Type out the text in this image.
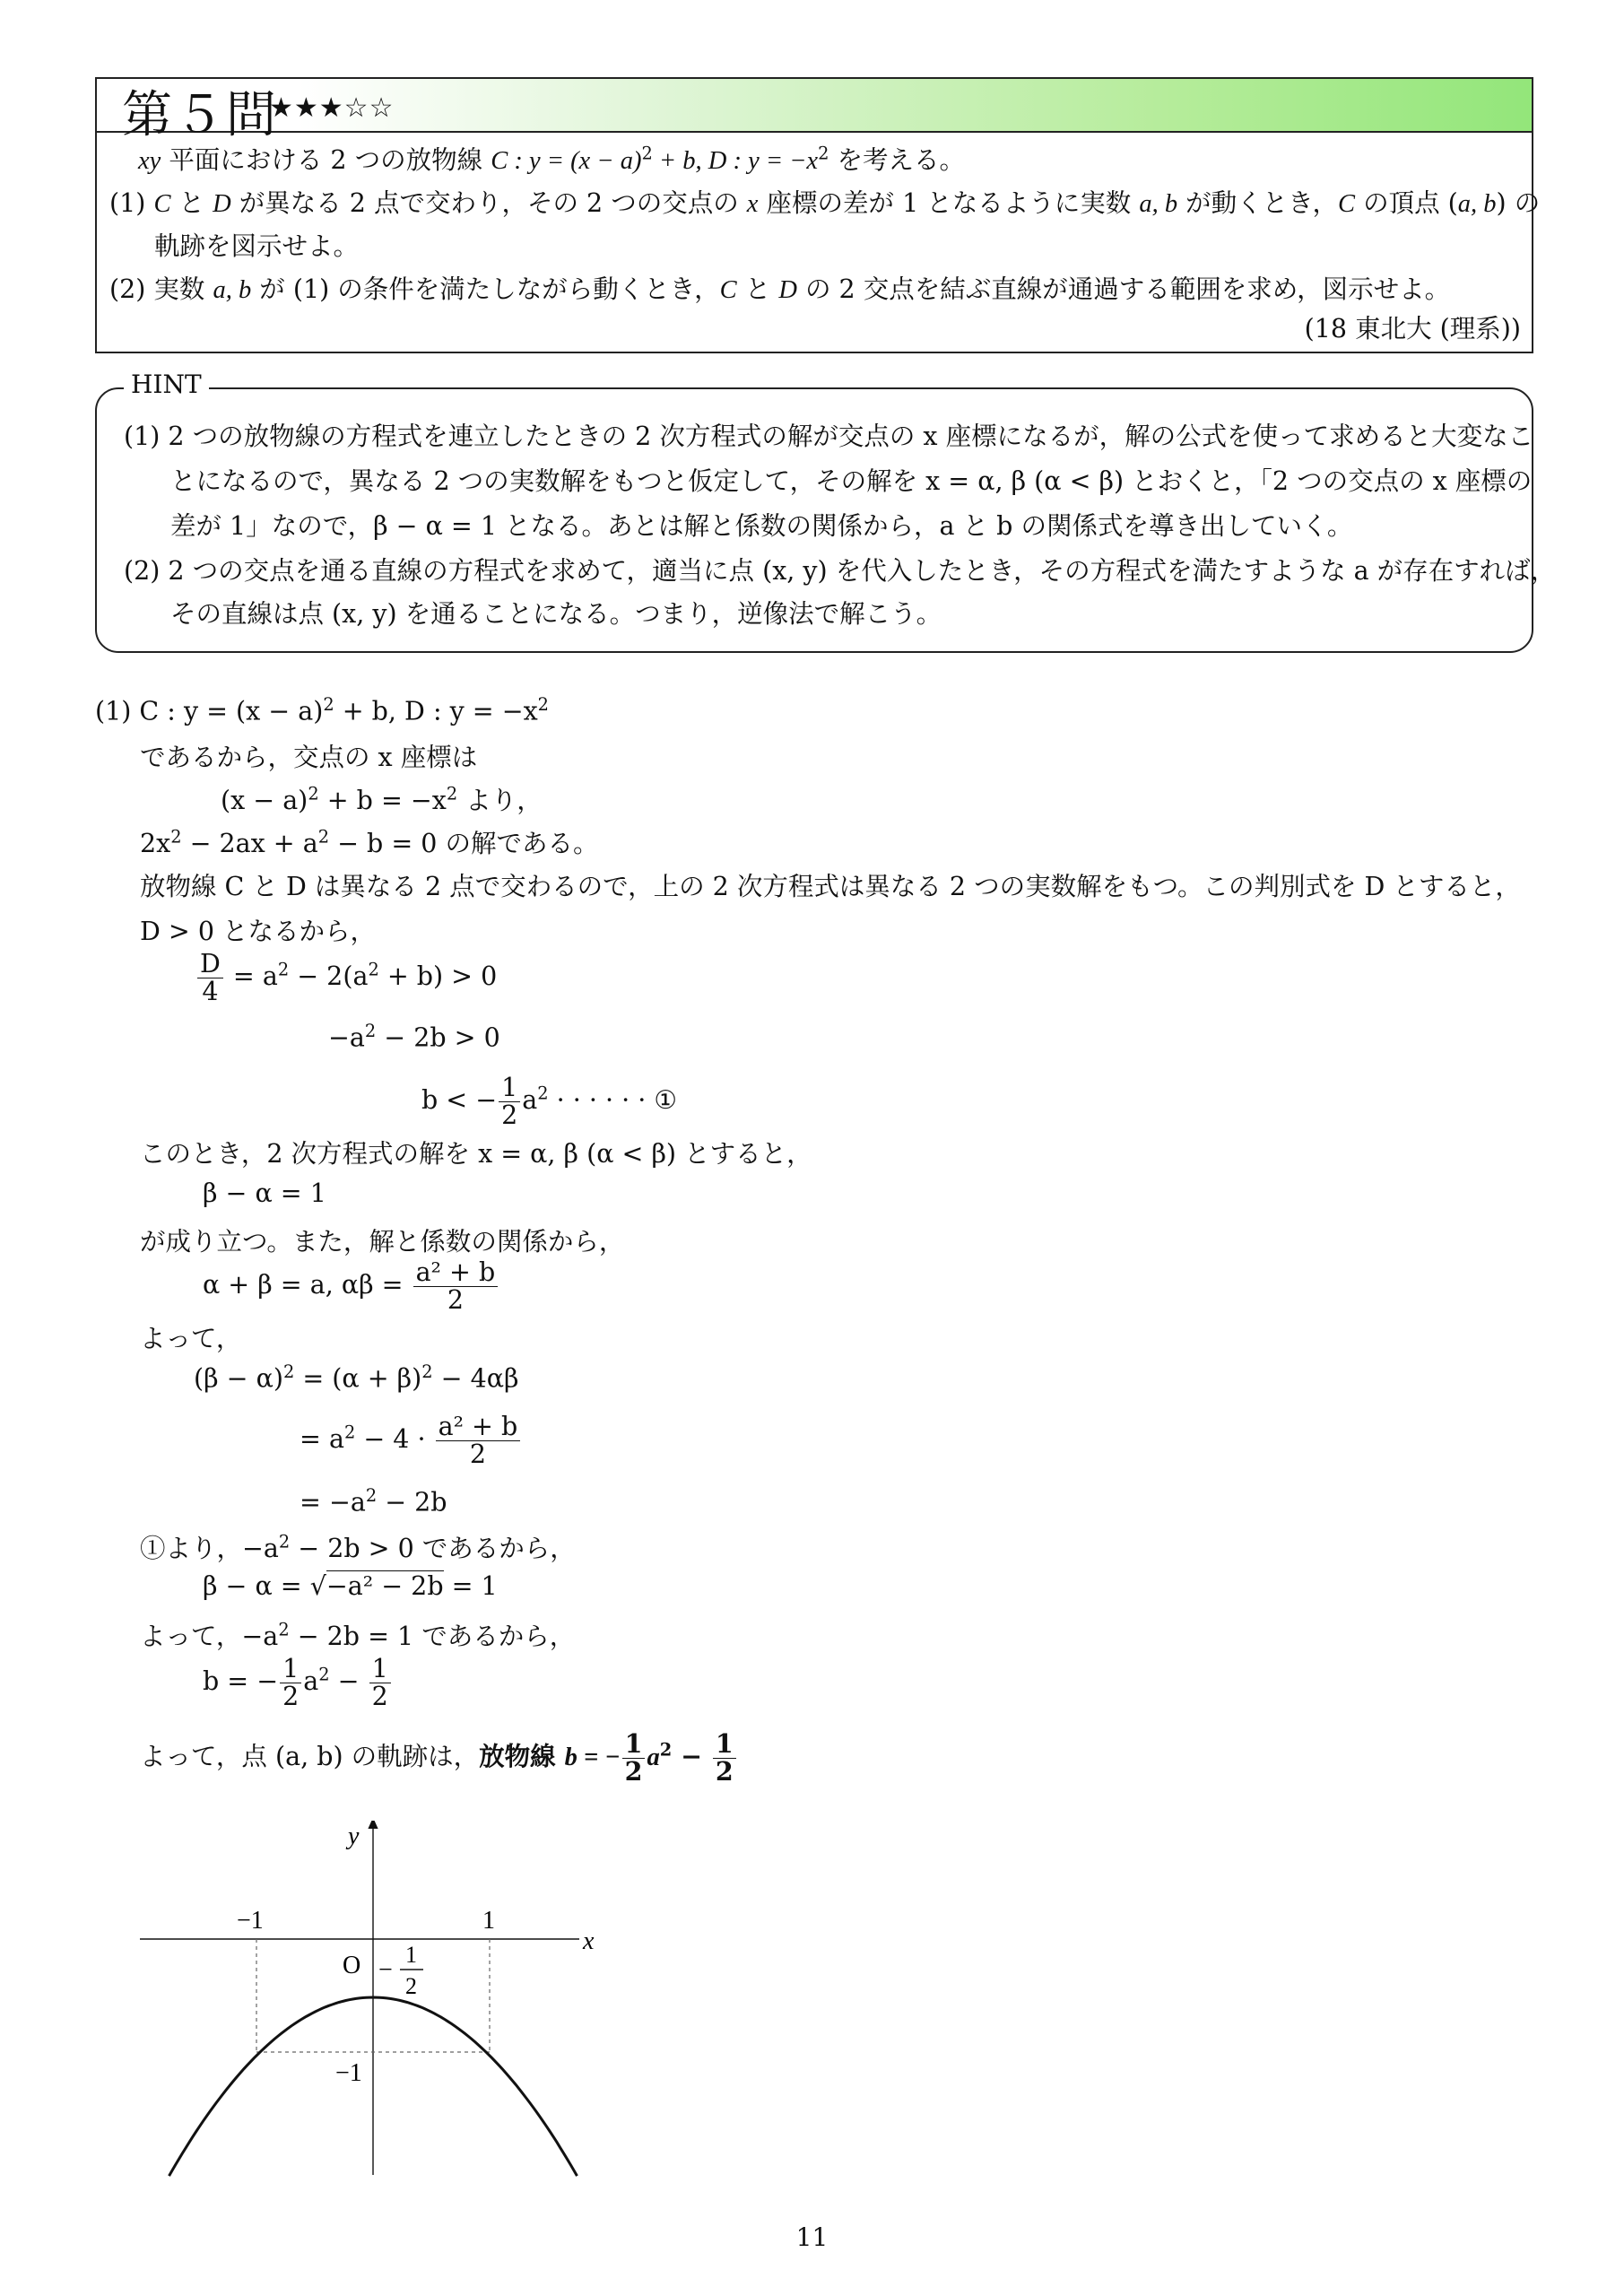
第５問
★★★☆☆
xy 平面における 2 つの放物線 C : $y = (x - a)^2 + b$, D : $y = -x^2$ を考える。
(1) C と D が異なる 2 点で交わり，その 2 つの交点の x 座標の差が 1 となるように実数 a, b が動くとき，C の頂点 (a, b) の
軌跡を図示せよ。
(2) 実数 a, b が (1) の条件を満たしながら動くとき，C と D の 2 交点を結ぶ直線が通過する範囲を求め，図示せよ。
(18 東北大 (理系))
HINT
(1) 2 つの放物線の方程式を連立したときの 2 次方程式の解が交点の x 座標になるが，解の公式を使って求めると大変なこ
とになるので，異なる 2 つの実数解をもつと仮定して，その解を x = α, β (α < β) とおくと，「2 つの交点の x 座標の
差が 1」なので，β − α = 1 となる。あとは解と係数の関係から，a と b の関係式を導き出していく。
(2) 2 つの交点を通る直線の方程式を求めて，適当に点 (x, y) を代入したとき，その方程式を満たすような a が存在すれば，
その直線は点 (x, y) を通ることになる。つまり，逆像法で解こう。
(1) C : $y = (x - a)^2 + b$, D : $y = -x^2$
であるから，交点の x 座標は
$(x - a)^2 + b = -x^2$ より，
$2x^2 - 2ax + a^2 - b = 0$ の解である。
放物線 C と D は異なる 2 点で交わるので，上の 2 次方程式は異なる 2 つの実数解をもつ。この判別式を D とすると，
D > 0 となるから，
$\frac{D}{4} = a^2 - 2(a^2 + b) > 0$
$-a^2 - 2b > 0$
b < − $\frac{1}{2} a^2$ · · · · · · ①
このとき，2 次方程式の解を x = α, β (α < β) とすると，
β − α = 1
が成り立つ。また，解と係数の関係から，
α + β = a, $\alpha\beta = \frac{\text{a² + b}}{2}$
よって，
$(\beta - \alpha)^2 = (\alpha + \beta)^2 - 4\alpha\beta$
= $a^2 - 4 \cdot \frac{\text{a² + b}}{2}$
= $-a^2 - 2b$
①より，$-a^2 - 2b > 0$ であるから，
β − α = √−a² − 2b = 1
よって，$-a^2 - 2b = 1$ であるから，
b = − $\frac{1}{2} a^2 - \frac{1}{2}$
よって，点 (a, b) の軌跡は，放物線 b = − $\frac{1}{2} a^2 - \frac{1}{2}$
x
y
O
−1	1
−1
−
1
2
11
